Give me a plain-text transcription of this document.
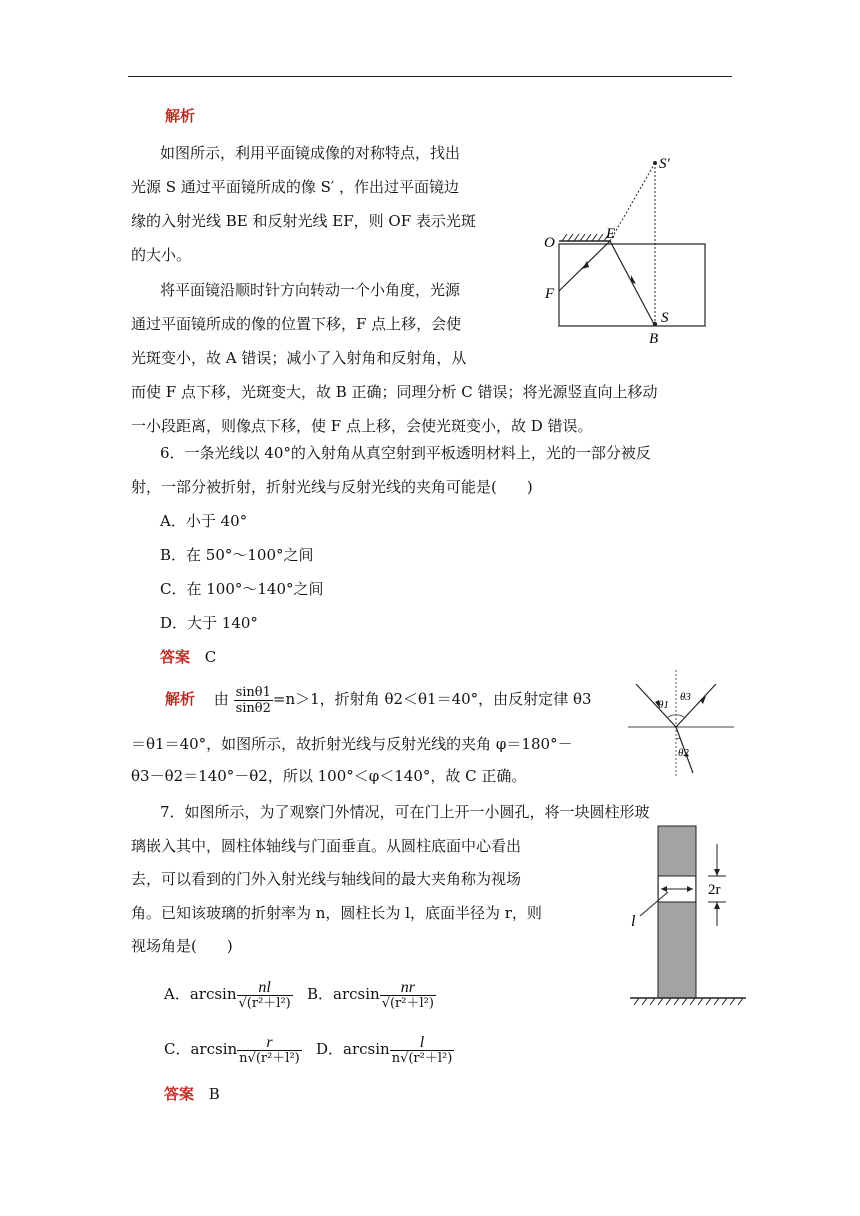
解析
如图所示，利用平面镜成像的对称特点，找出
光源 S 通过平面镜所成的像 S′ ，作出过平面镜边
缘的入射光线 BE 和反射光线 EF，则 OF 表示光斑
的大小。
将平面镜沿顺时针方向转动一个小角度，光源
通过平面镜所成的像的位置下移，F 点上移，会使
光斑变小，故 A 错误；减小了入射角和反射角，从
而使 F 点下移，光斑变大，故 B 正确；同理分析 C 错误；将光源竖直向上移动
一小段距离，则像点下移，使 F 点上移，会使光斑变小，故 D 错误。
S′
O
E
F
S
B
6．一条光线以 40°的入射角从真空射到平板透明材料上，光的一部分被反
射，一部分被折射，折射光线与反射光线的夹角可能是(　　)
A．小于 40°
B．在 50°～100°之间
C．在 100°～140°之间
D．大于 140°
答案 C
解析 由 $\frac{\sin\theta 1}{\sin\theta 2} =n>1$，折射角 θ2＜θ1＝40°，由反射定律 θ3
＝θ1＝40°，如图所示，故折射光线与反射光线的夹角 φ＝180°－
θ3－θ2＝140°－θ2，所以 100°＜φ＜140°，故 C 正确。
θ1
θ3
θ2
7．如图所示，为了观察门外情况，可在门上开一小圆孔，将一块圆柱形玻
璃嵌入其中，圆柱体轴线与门面垂直。从圆柱底面中心看出
去，可以看到的门外入射光线与轴线间的最大夹角称为视场
角。已知该玻璃的折射率为 n，圆柱长为 l，底面半径为 r，则
视场角是(　　)
A．$\arcsin \frac{nl}{\text{√(r²＋l²)}}$ B．$\arcsin \frac{nr}{\text{√(r²＋l²)}}$
C．$\arcsin \frac{r}{\text{n√(r²＋l²)}}$ D．$\arcsin \frac{l}{\text{n√(r²＋l²)}}$
答案 B
2r
l
